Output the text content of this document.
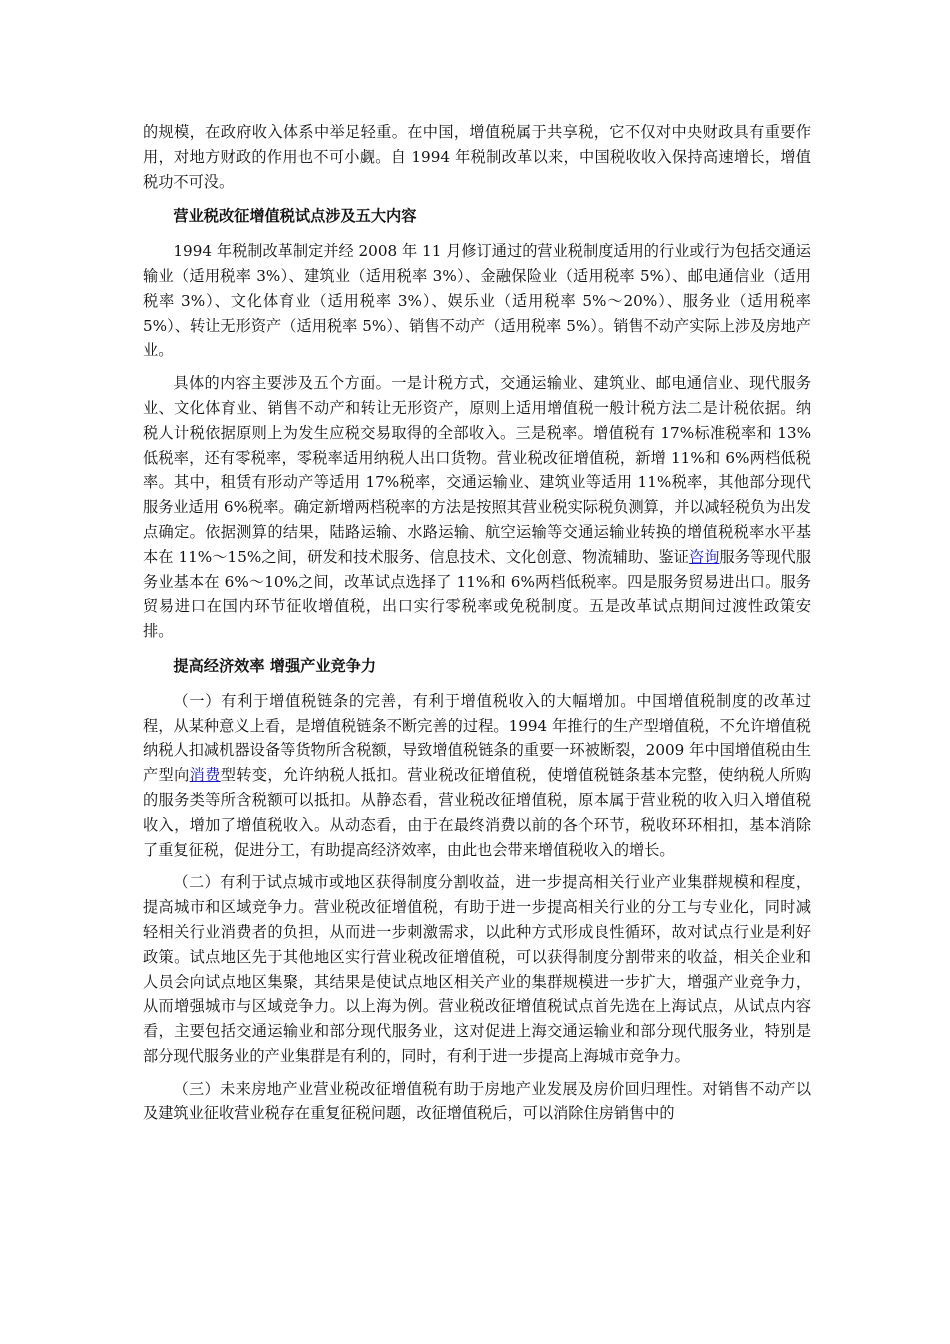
的规模，在政府收入体系中举足轻重。在中国，增值税属于共享税，它不仅对中央财政具有重要作用，对地方财政的作用也不可小觑。自 1994 年税制改革以来，中国税收收入保持高速增长，增值税功不可没。

营业税改征增值税试点涉及五大内容

1994 年税制改革制定并经 2008 年 11 月修订通过的营业税制度适用的行业或行为包括交通运输业（适用税率 3%）、建筑业（适用税率 3%）、金融保险业（适用税率 5%）、邮电通信业（适用税率 3%）、文化体育业（适用税率 3%）、娱乐业（适用税率 5%～20%）、服务业（适用税率 5%）、转让无形资产（适用税率 5%）、销售不动产（适用税率 5%）。销售不动产实际上涉及房地产业。

具体的内容主要涉及五个方面。一是计税方式，交通运输业、建筑业、邮电通信业、现代服务业、文化体育业、销售不动产和转让无形资产，原则上适用增值税一般计税方法二是计税依据。纳税人计税依据原则上为发生应税交易取得的全部收入。三是税率。增值税有 17%标准税率和 13%低税率，还有零税率，零税率适用纳税人出口货物。营业税改征增值税，新增 11%和 6%两档低税率。其中，租赁有形动产等适用 17%税率，交通运输业、建筑业等适用 11%税率，其他部分现代服务业适用 6%税率。确定新增两档税率的方法是按照其营业税实际税负测算，并以减轻税负为出发点确定。依据测算的结果，陆路运输、水路运输、航空运输等交通运输业转换的增值税税率水平基本在 11%～15%之间，研发和技术服务、信息技术、文化创意、物流辅助、鉴证咨询服务等现代服务业基本在 6%～10%之间，改革试点选择了 11%和 6%两档低税率。四是服务贸易进出口。服务贸易进口在国内环节征收增值税，出口实行零税率或免税制度。五是改革试点期间过渡性政策安排。

提高经济效率 增强产业竞争力

（一）有利于增值税链条的完善，有利于增值税收入的大幅增加。中国增值税制度的改革过程，从某种意义上看，是增值税链条不断完善的过程。1994 年推行的生产型增值税，不允许增值税纳税人扣减机器设备等货物所含税额，导致增值税链条的重要一环被断裂，2009 年中国增值税由生产型向消费型转变，允许纳税人抵扣。营业税改征增值税，使增值税链条基本完整，使纳税人所购的服务类等所含税额可以抵扣。从静态看，营业税改征增值税，原本属于营业税的收入归入增值税收入，增加了增值税收入。从动态看，由于在最终消费以前的各个环节，税收环环相扣，基本消除了重复征税，促进分工，有助提高经济效率，由此也会带来增值税收入的增长。

（二）有利于试点城市或地区获得制度分割收益，进一步提高相关行业产业集群规模和程度，提高城市和区域竞争力。营业税改征增值税，有助于进一步提高相关行业的分工与专业化，同时减轻相关行业消费者的负担，从而进一步刺激需求，以此种方式形成良性循环，故对试点行业是利好政策。试点地区先于其他地区实行营业税改征增值税，可以获得制度分割带来的收益，相关企业和人员会向试点地区集聚，其结果是使试点地区相关产业的集群规模进一步扩大，增强产业竞争力，从而增强城市与区域竞争力。以上海为例。营业税改征增值税试点首先选在上海试点，从试点内容看，主要包括交通运输业和部分现代服务业，这对促进上海交通运输业和部分现代服务业，特别是部分现代服务业的产业集群是有利的，同时，有利于进一步提高上海城市竞争力。

（三）未来房地产业营业税改征增值税有助于房地产业发展及房价回归理性。对销售不动产以及建筑业征收营业税存在重复征税问题，改征增值税后，可以消除住房销售中的
